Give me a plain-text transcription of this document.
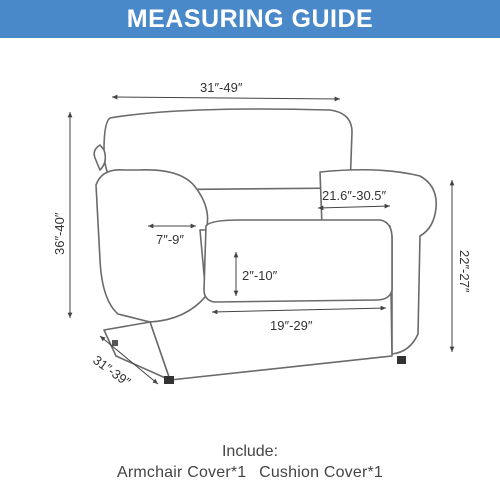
MEASURING GUIDE
31″-49″
36″-40″
21.6″-30.5″
7″-9″
2″-10″
19″-29″
31″-39″
22″-27″
Include:
Armchair Cover*1 Cushion Cover*1
